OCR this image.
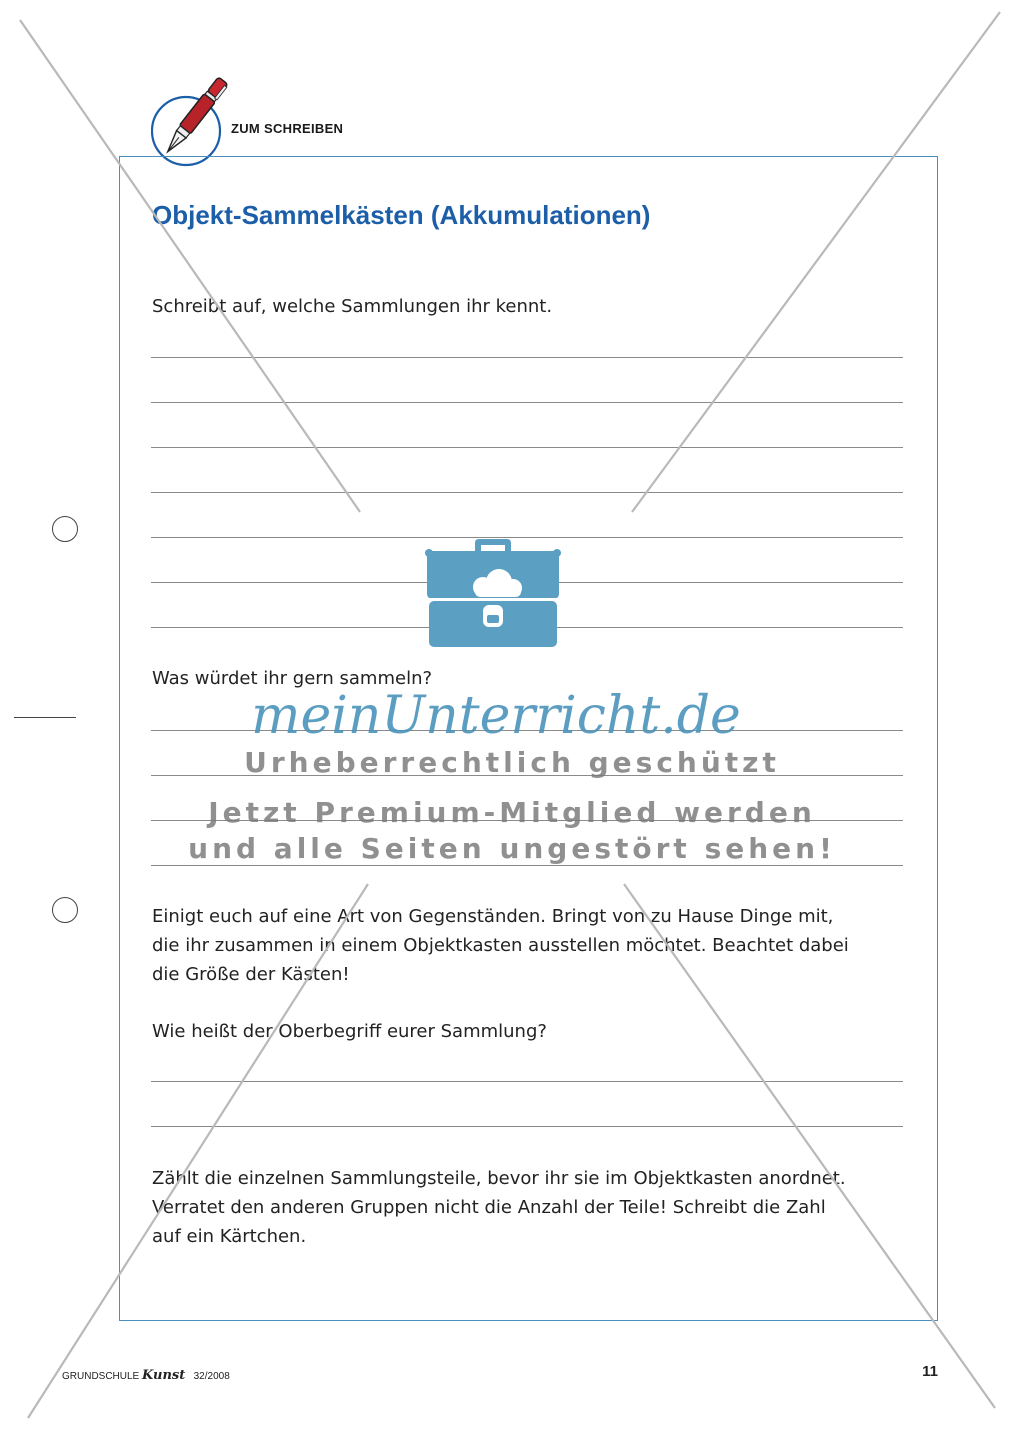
ZUM SCHREIBEN
Objekt-Sammelkästen (Akkumulationen)
Schreibt auf, welche Sammlungen ihr kennt.
Was würdet ihr gern sammeln?
Einigt euch auf eine Art von Gegenständen. Bringt von zu Hause Dinge mit,
die ihr zusammen in einem Objektkasten ausstellen möchtet. Beachtet dabei
die Größe der Kästen!
Wie heißt der Oberbegriff eurer Sammlung?
Zählt die einzelnen Sammlungsteile, bevor ihr sie im Objektkasten anordnet.
Verratet den anderen Gruppen nicht die Anzahl der Teile! Schreibt die Zahl
auf ein Kärtchen.
meinUnterricht.de
Urheberrechtlich geschützt
Jetzt Premium-Mitglied werden
und alle Seiten ungestört sehen!
GRUNDSCHULE Kunst 32/2008	11
